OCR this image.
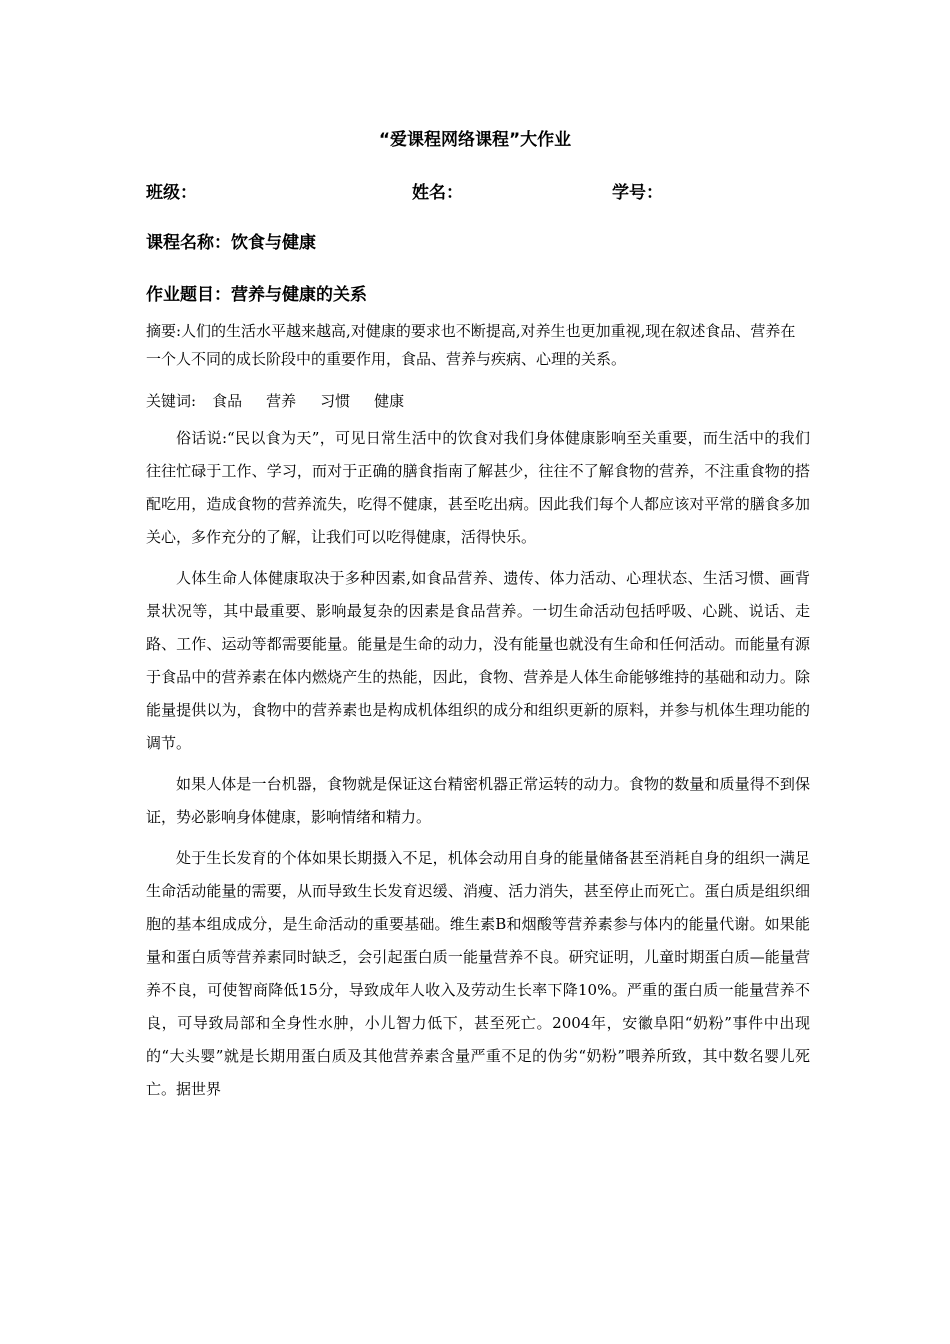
“爱课程网络课程”大作业
班级：	姓名：	学号：
课程名称：饮食与健康
作业题目：营养与健康的关系

摘要:人们的生活水平越来越高,对健康的要求也不断提高,对养生也更加重视,现在叙述食品、营养在一个人不同的成长阶段中的重要作用，食品、营养与疾病、心理的关系。

关键词: 食品 营养 习惯 健康

俗话说:“民以食为天”，可见日常生活中的饮食对我们身体健康影响至关重要，而生活中的我们往往忙碌于工作、学习，而对于正确的膳食指南了解甚少，往往不了解食物的营养，不注重食物的搭配吃用，造成食物的营养流失，吃得不健康，甚至吃出病。因此我们每个人都应该对平常的膳食多加关心，多作充分的了解，让我们可以吃得健康，活得快乐。

人体生命人体健康取决于多种因素,如食品营养、遗传、体力活动、心理状态、生活习惯、画背景状况等，其中最重要、影响最复杂的因素是食品营养。一切生命活动包括呼吸、心跳、说话、走路、工作、运动等都需要能量。能量是生命的动力，没有能量也就没有生命和任何活动。而能量有源于食品中的营养素在体内燃烧产生的热能，因此，食物、营养是人体生命能够维持的基础和动力。除能量提供以为，食物中的营养素也是构成机体组织的成分和组织更新的原料，并参与机体生理功能的调节。

如果人体是一台机器，食物就是保证这台精密机器正常运转的动力。食物的数量和质量得不到保证，势必影响身体健康，影响情绪和精力。

处于生长发育的个体如果长期摄入不足，机体会动用自身的能量储备甚至消耗自身的组织一满足生命活动能量的需要，从而导致生长发育迟缓、消瘦、活力消失，甚至停止而死亡。蛋白质是组织细胞的基本组成成分，是生命活动的重要基础。维生素B和烟酸等营养素参与体内的能量代谢。如果能量和蛋白质等营养素同时缺乏，会引起蛋白质一能量营养不良。研究证明，儿童时期蛋白质—能量营养不良，可使智商降低15分，导致成年人收入及劳动生长率下降10%。严重的蛋白质一能量营养不良，可导致局部和全身性水肿，小儿智力低下，甚至死亡。2004年，安徽阜阳“奶粉”事件中出现的“大头婴”就是长期用蛋白质及其他营养素含量严重不足的伪劣“奶粉”喂养所致，其中数名婴儿死亡。据世界
